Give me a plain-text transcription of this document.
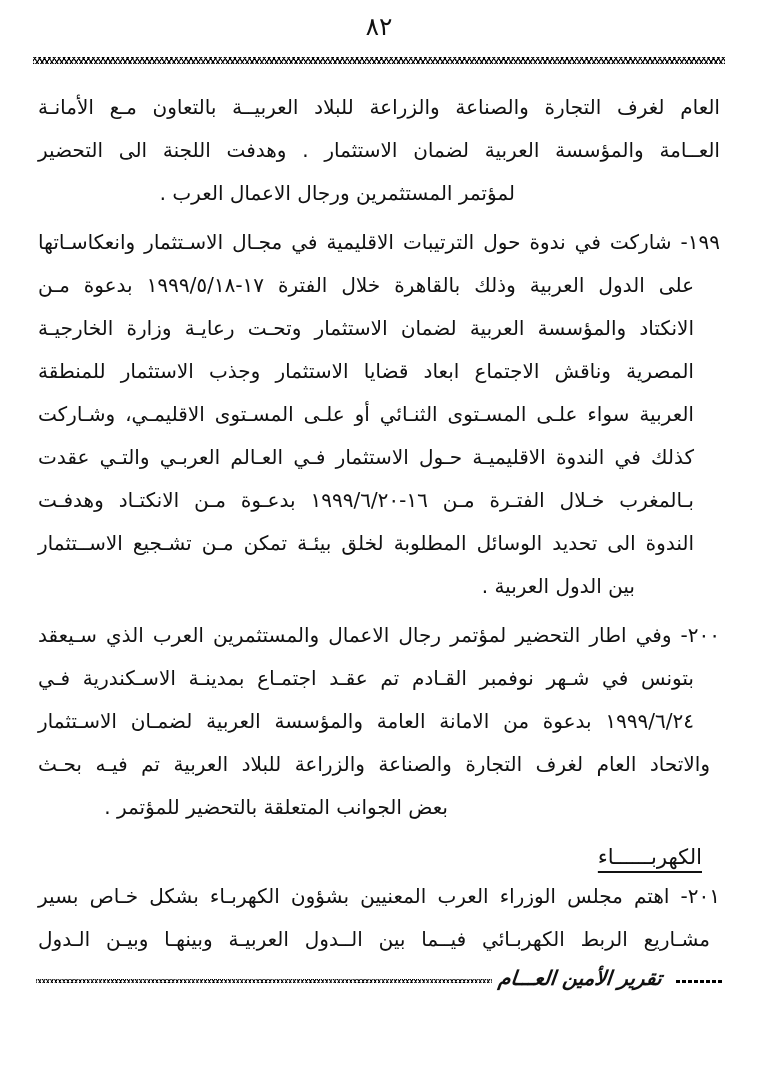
٨٢
العام لغرف التجارة والصناعة والزراعة للبلاد العربيــة بالتعاون مـع الأمانـة
العــامة والمؤسسة العربية لضمان الاستثمار . وهدفت اللجنة الى التحضير
لمؤتمر المستثمرين ورجال الاعمال العرب .
١٩٩- شاركت في ندوة حول الترتيبات الاقليمية في مجـال الاسـتثمار وانعكاسـاتها
على الدول العربية وذلك بالقاهرة خلال الفترة ١٧-١٩٩٩/٥/١٨ بدعوة مـن
الانكتاد والمؤسسة العربية لضمان الاستثمار وتحـت رعايـة وزارة الخارجيـة
المصرية وناقش الاجتماع ابعاد قضايا الاستثمار وجذب الاستثمار للمنطقة
العربية سواء علـى المسـتوى الثنـائي أو علـى المسـتوى الاقليمـي، وشـاركت
كذلك في الندوة الاقليميـة حـول الاستثمار فـي العـالم العربـي والتـي عقدت
بـالمغرب خـلال الفتـرة مـن ١٦-١٩٩٩/٦/٢٠ بدعـوة مـن الانكتـاد وهدفـت
الندوة الى تحديد الوسائل المطلوبة لخلق بيئـة تمكن مـن تشـجيع الاســتثمار
بين الدول العربية .
٢٠٠- وفي اطار التحضير لمؤتمر رجال الاعمال والمستثمرين العرب الذي سـيعقد
بتونس في شـهر نوفمبر القـادم تم عقـد اجتمـاع بمدينـة الاسـكندرية فـي
١٩٩٩/٦/٢٤ بدعوة من الامانة العامة والمؤسسة العربية لضمـان الاسـتثمار
والاتحاد العام لغرف التجارة والصناعة والزراعة للبلاد العربية تم فيـه بحـث
بعض الجوانب المتعلقة بالتحضير للمؤتمر .
الكهربــــــاء
٢٠١- اهتم مجلس الوزراء العرب المعنيين بشؤون الكهربـاء بشكل خـاص بسير
مشـاريع الربط الكهربـائي فيــما بين الــدول العربيـة وبينهـا وبيـن الـدول
تقرير الأمين العـــام
